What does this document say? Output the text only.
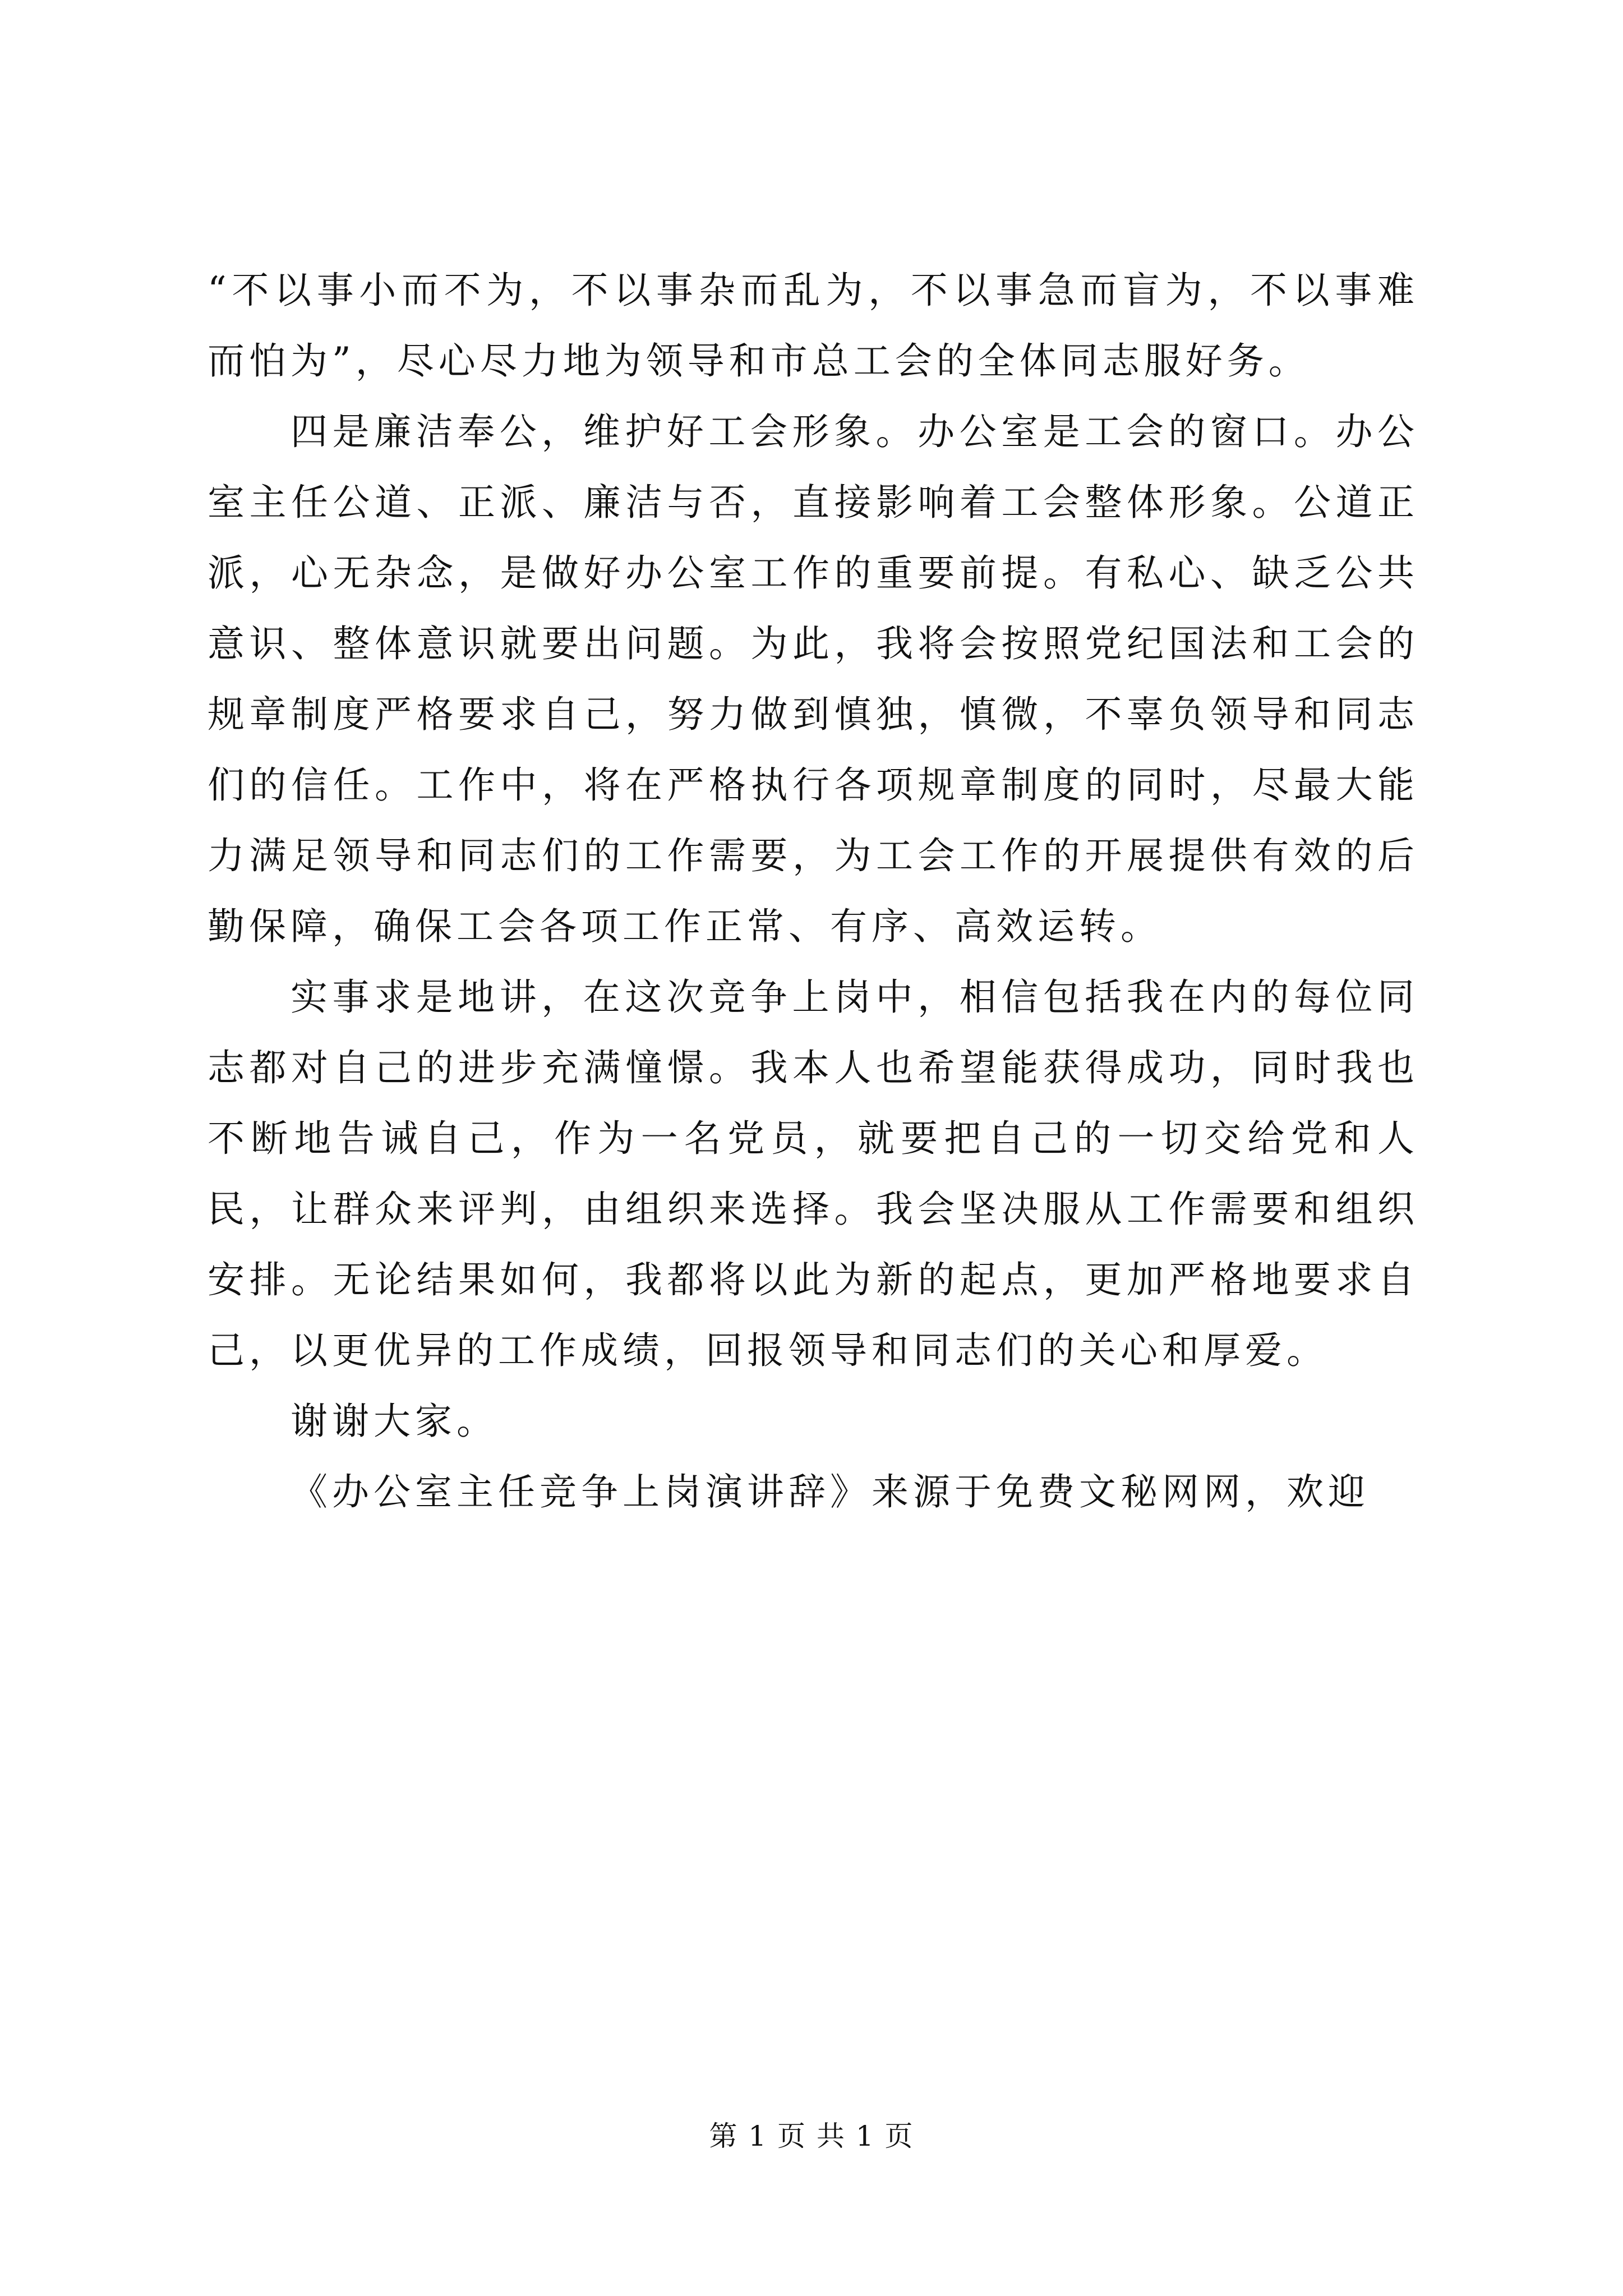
“不以事小而不为，不以事杂而乱为，不以事急而盲为，不以事难而怕为”，尽心尽力地为领导和市总工会的全体同志服好务。

四是廉洁奉公，维护好工会形象。办公室是工会的窗口。办公室主任公道、正派、廉洁与否，直接影响着工会整体形象。公道正派，心无杂念，是做好办公室工作的重要前提。有私心、缺乏公共意识、整体意识就要出问题。为此，我将会按照党纪国法和工会的规章制度严格要求自己，努力做到慎独，慎微，不辜负领导和同志们的信任。工作中，将在严格执行各项规章制度的同时，尽最大能力满足领导和同志们的工作需要，为工会工作的开展提供有效的后勤保障，确保工会各项工作正常、有序、高效运转。

实事求是地讲，在这次竞争上岗中，相信包括我在内的每位同志都对自己的进步充满憧憬。我本人也希望能获得成功，同时我也不断地告诫自己，作为一名党员，就要把自己的一切交给党和人民，让群众来评判，由组织来选择。我会坚决服从工作需要和组织安排。无论结果如何，我都将以此为新的起点，更加严格地要求自己，以更优异的工作成绩，回报领导和同志们的关心和厚爱。

谢谢大家。

《办公室主任竞争上岗演讲辞》来源于免费文秘网网，欢迎

第 1 页 共 1 页
